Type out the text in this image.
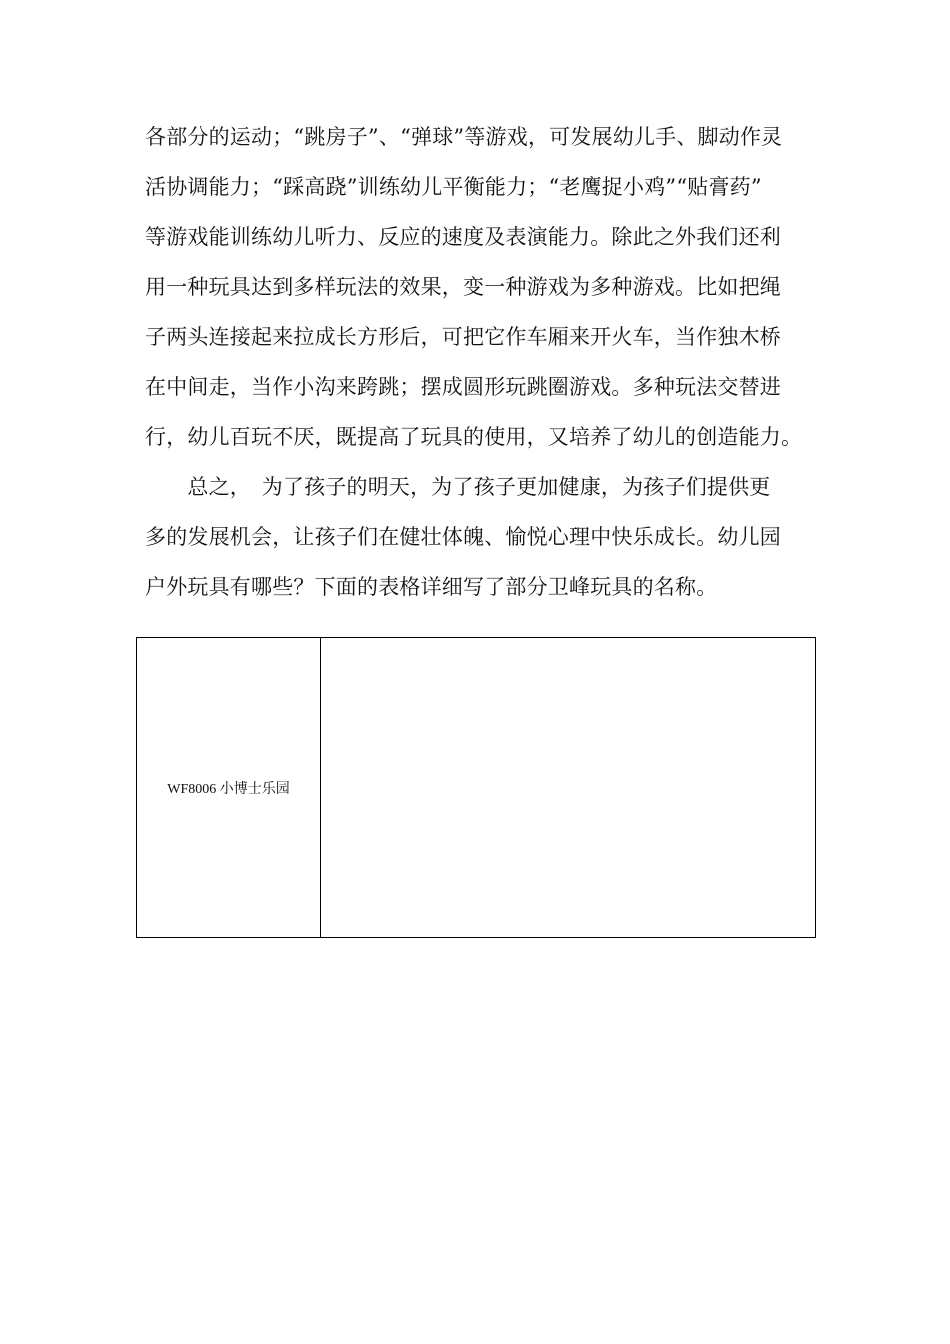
各部分的运动；“跳房子”、“弹球”等游戏，可发展幼儿手、脚动作灵
活协调能力；“踩高跷”训练幼儿平衡能力；“老鹰捉小鸡”“贴膏药”
等游戏能训练幼儿听力、反应的速度及表演能力。除此之外我们还利
用一种玩具达到多样玩法的效果，变一种游戏为多种游戏。比如把绳
子两头连接起来拉成长方形后，可把它作车厢来开火车，当作独木桥
在中间走，当作小沟来跨跳；摆成圆形玩跳圈游戏。多种玩法交替进
行，幼儿百玩不厌，既提高了玩具的使用，又培养了幼儿的创造能力。
　　总之，　为了孩子的明天，为了孩子更加健康，为孩子们提供更
多的发展机会，让孩子们在健壮体魄、愉悦心理中快乐成长。幼儿园
户外玩具有哪些？下面的表格详细写了部分卫峰玩具的名称。
WF8006 小博士乐园
